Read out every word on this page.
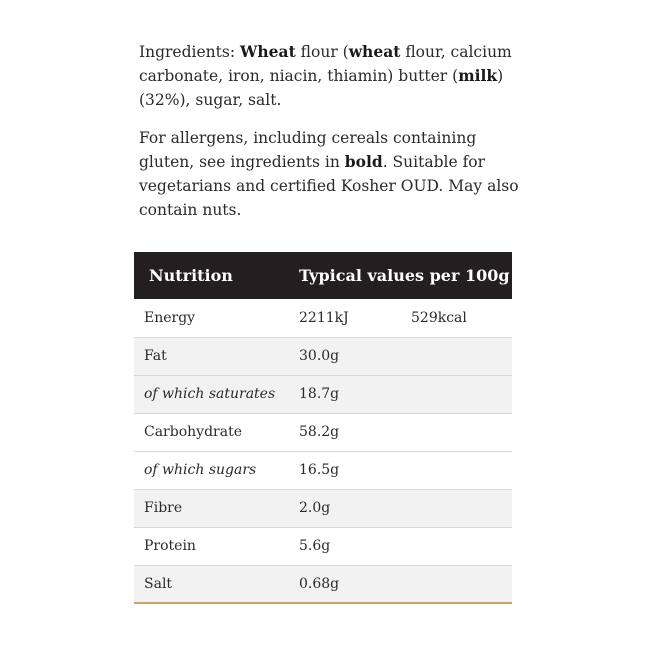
Ingredients: Wheat flour (wheat flour, calcium carbonate, iron, niacin, thiamin) butter (milk) (32%), sugar, salt.

For allergens, including cereals containing gluten, see ingredients in bold. Suitable for vegetarians and certified Kosher OUD. May also contain nuts.

Nutrition	Typical values per 100g	
Energy	2211kJ	529kcal
Fat	30.0g	
of which saturates	18.7g	
Carbohydrate	58.2g	
of which sugars	16.5g	
Fibre	2.0g	
Protein	5.6g	
Salt	0.68g	
